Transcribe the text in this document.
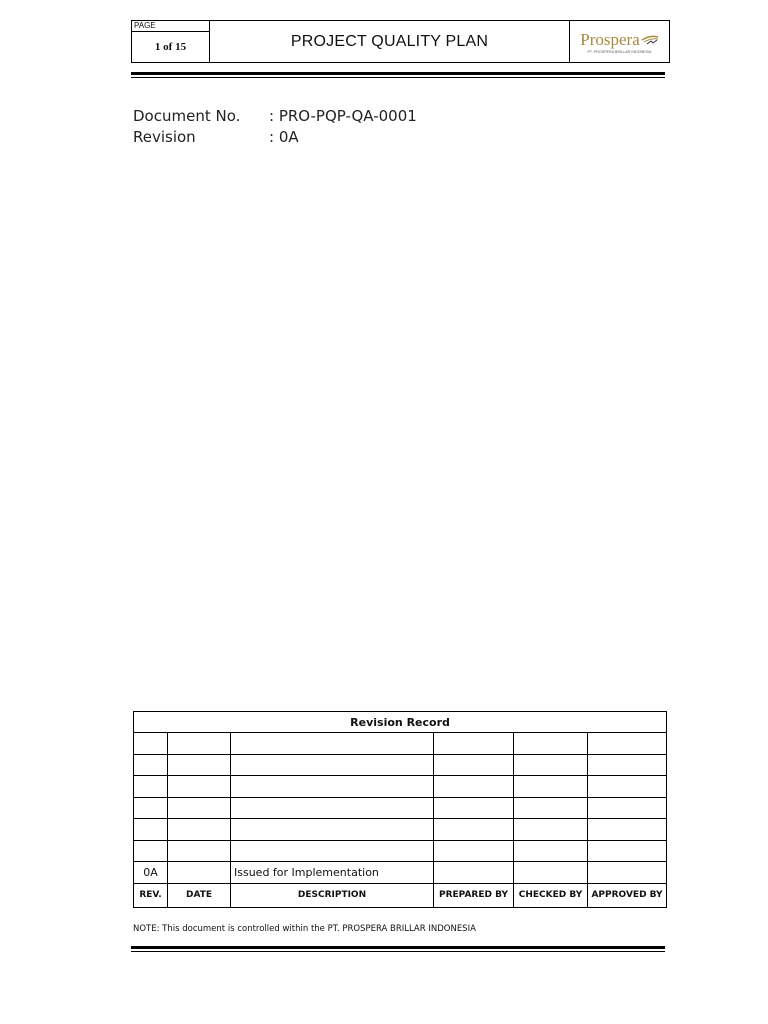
PAGE
1 of 15	PROJECT QUALITY PLAN	Prospera
PT. PROSPERA BRILLAR INDONESIA
Document No.	: PRO-PQP-QA-0001
Revision	: 0A
Revision Record					

0A		Issued for Implementation			
REV.	DATE	DESCRIPTION	PREPARED BY	CHECKED BY	APPROVED BY
NOTE: This document is controlled within the PT. PROSPERA BRILLAR INDONESIA
